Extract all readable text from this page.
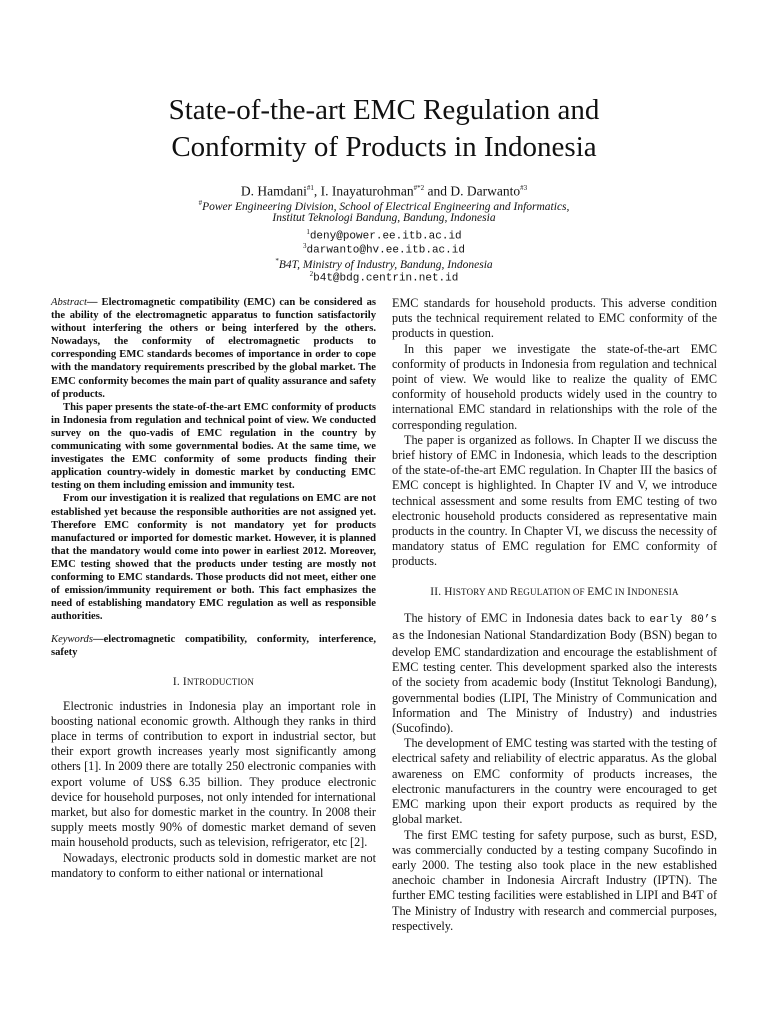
State-of-the-art EMC Regulation and
Conformity of Products in Indonesia
D. Hamdani$^{\#1}$, I. Inayaturohman$^{\#*2}$ and D. Darwanto$^{\#3}$
#Power Engineering Division, School of Electrical Engineering and Informatics,
Institut Teknologi Bandung, Bandung, Indonesia
$^1$deny@power.ee.itb.ac.id
$^3$darwanto@hv.ee.itb.ac.id
*B4T, Ministry of Industry, Bandung, Indonesia
$^2$b4t@bdg.centrin.net.id

Abstract— Electromagnetic compatibility (EMC) can be considered as the ability of the electromagnetic apparatus to function satisfactorily without interfering the others or being interfered by the others. Nowadays, the conformity of electromagnetic products to corresponding EMC standards becomes of importance in order to cope with the mandatory requirements prescribed by the global market. The EMC conformity becomes the main part of quality assurance and safety of products.

This paper presents the state-of-the-art EMC conformity of products in Indonesia from regulation and technical point of view. We conducted survey on the quo-vadis of EMC regulation in the country by communicating with some governmental bodies. At the same time, we investigates the EMC conformity of some products finding their application country-widely in domestic market by conducting EMC testing on them including emission and immunity test.

From our investigation it is realized that regulations on EMC are not established yet because the responsible authorities are not assigned yet. Therefore EMC conformity is not mandatory yet for products manufactured or imported for domestic market. However, it is planned that the mandatory would come into power in earliest 2012. Moreover, EMC testing showed that the products under testing are mostly not conforming to EMC standards. Those products did not meet, either one of emission/immunity requirement or both. This fact emphasizes the need of establishing mandatory EMC regulation as well as responsible authorities.

Keywords—electromagnetic compatibility, conformity, interference, safety

I. INTRODUCTION

Electronic industries in Indonesia play an important role in boosting national economic growth. Although they ranks in third place in terms of contribution to export in industrial sector, but their export growth increases yearly most significantly among others [1]. In 2009 there are totally 250 electronic companies with export volume of US$ 6.35 billion. They produce electronic device for household purposes, not only intended for international market, but also for domestic market in the country. In 2008 their supply meets mostly 90% of domestic market demand of seven main household products, such as television, refrigerator, etc [2].

Nowadays, electronic products sold in domestic market are not mandatory to conform to either national or international

EMC standards for household products. This adverse condition puts the technical requirement related to EMC conformity of the products in question.

In this paper we investigate the state-of-the-art EMC conformity of products in Indonesia from regulation and technical point of view. We would like to realize the quality of EMC conformity of household products widely used in the country to international EMC standard in relationships with the role of the corresponding regulation.

The paper is organized as follows. In Chapter II we discuss the brief history of EMC in Indonesia, which leads to the description of the state-of-the-art EMC regulation. In Chapter III the basics of EMC concept is highlighted. In Chapter IV and V, we introduce technical assessment and some results from EMC testing of two electronic household products considered as representative main products in the country. In Chapter VI, we discuss the necessity of mandatory status of EMC regulation for EMC conformity of products.

II. HISTORY AND REGULATION OF EMC IN INDONESIA

The history of EMC in Indonesia dates back to early 80’s as the Indonesian National Standardization Body (BSN) began to develop EMC standardization and encourage the establishment of EMC testing center. This development sparked also the interests of the society from academic body (Institut Teknologi Bandung), governmental bodies (LIPI, The Ministry of Communication and Information and The Ministry of Industry) and industries (Sucofindo).

The development of EMC testing was started with the testing of electrical safety and reliability of electric apparatus. As the global awareness on EMC conformity of products increases, the electronic manufacturers in the country were encouraged to get EMC marking upon their export products as required by the global market.

The first EMC testing for safety purpose, such as burst, ESD, was commercially conducted by a testing company Sucofindo in early 2000. The testing also took place in the new established anechoic chamber in Indonesia Aircraft Industry (IPTN). The further EMC testing facilities were established in LIPI and B4T of The Ministry of Industry with research and commercial purposes, respectively.
